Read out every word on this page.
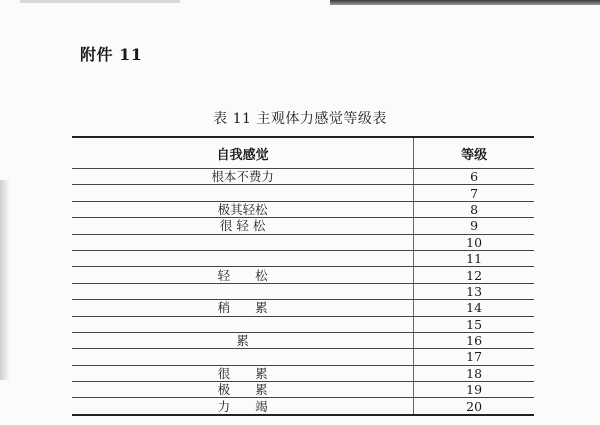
附件 11
表 11 主观体力感觉等级表
自我感觉	等级
根本不费力	6
	7
极其轻松	8
很 轻 松	9
	10
	11
轻　　松	12
	13
稍　　累	14
	15
累	16
	17
很　　累	18
极　　累	19
力　　竭	20
